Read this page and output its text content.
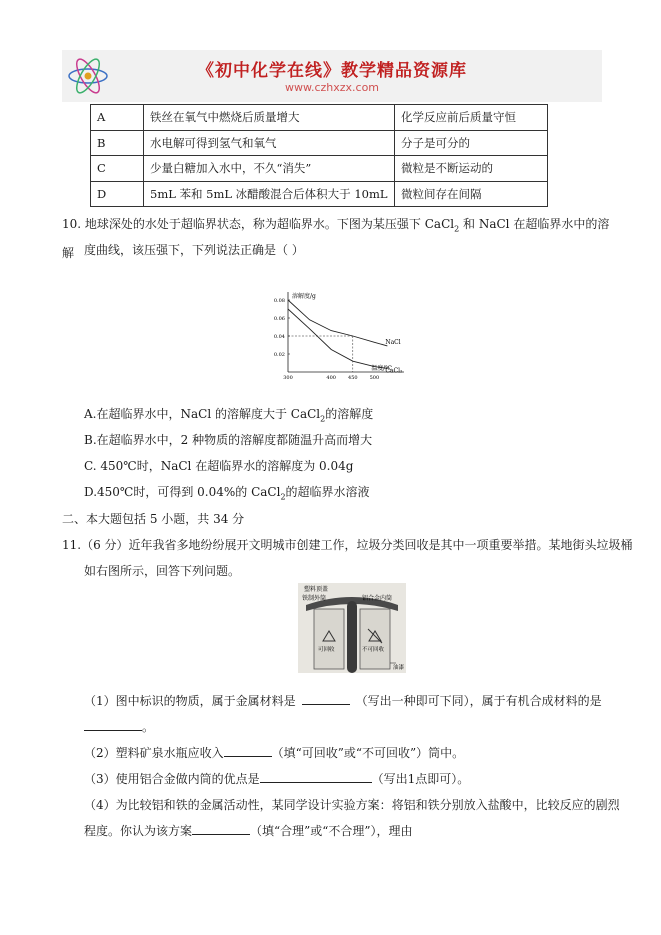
《初中化学在线》教学精品资源库
www.czhxzx.com
A	铁丝在氧气中燃烧后质量增大	化学反应前后质量守恒
B	水电解可得到氢气和氧气	分子是可分的
C	少量白糖加入水中，不久“消失”	微粒是不断运动的
D	5mL 苯和 5mL 冰醋酸混合后体积大于 10mL	微粒间存在间隔
10. 地球深处的水处于超临界状态，称为超临界水。下图为某压强下 CaCl$_2$ 和 NaCl 在超临界水中的溶解 度曲线，该压强下，下列说法正确是（ ）
0.08
0.06
0.04
0.02
300	400 450 500
NaCl
CaCl₂
溶解度/g
温度/℃
A.在超临界水中，NaCl 的溶解度大于 CaCl$_2$的溶解度
B.在超临界水中，2 种物质的溶解度都随温升高而增大
C. 450℃时，NaCl 在超临界水的溶解度为 0.04g
D.450℃时，可得到 0.04%的 CaCl$_2$的超临界水溶液
二、本大题包括 5 小题，共 34 分
11.（6 分）近年我省多地纷纷展开文明城市创建工作，垃圾分类回收是其中一项重要举措。某地街头垃圾桶
如右图所示，回答下列问题。
塑料顶盖
铁制外筒	铝合金内筒
可回收	不可回收
油漆
（1）图中标识的物质，属于金属材料是	（写出一种即可下同），属于有机合成材料的是
。
（2）塑料矿泉水瓶应收入	（填“可回收”或“不可回收”）筒中。
（3）使用铝合金做内筒的优点是	（写出1点即可）。
（4）为比较铝和铁的金属活动性，某同学设计实验方案：将铝和铁分别放入盐酸中，比较反应的剧烈
程度。你认为该方案	（填“合理”或“不合理”），理由
